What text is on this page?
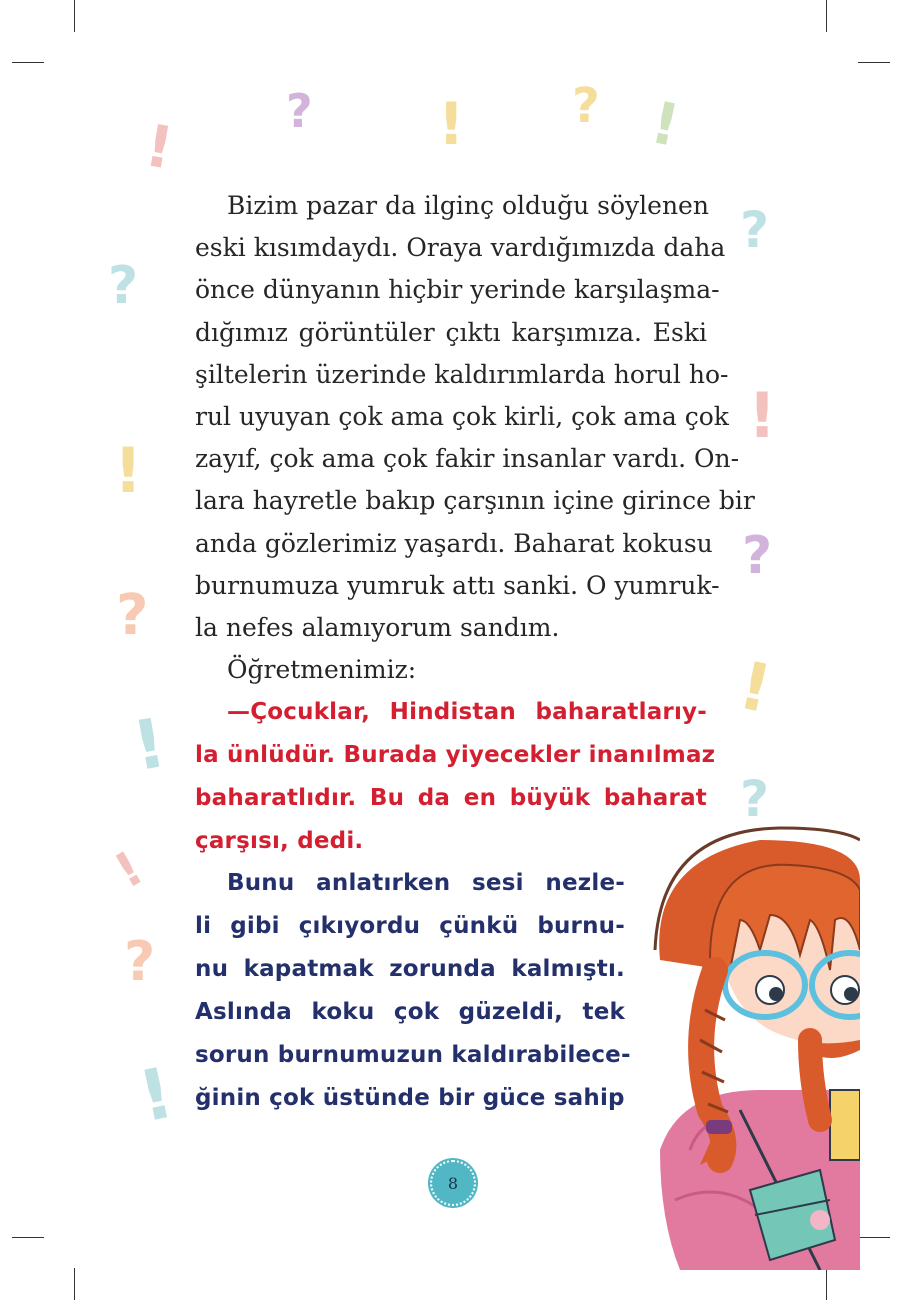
? ! ? !
!
?
?
!
!
?
?
!
!
?
!
?
!
Bizim pazar da ilginç olduğu söylenen
eski kısımdaydı. Oraya vardığımızda daha
önce dünyanın hiçbir yerinde karşılaşma-
dığımız görüntüler çıktı karşımıza. Eski
şiltelerin üzerinde kaldırımlarda horul ho-
rul uyuyan çok ama çok kirli, çok ama çok
zayıf, çok ama çok fakir insanlar vardı. On-
lara hayretle bakıp çarşının içine girince bir
anda gözlerimiz yaşardı. Baharat kokusu
burnumuza yumruk attı sanki. O yumruk-
la nefes alamıyorum sandım.
Öğretmenimiz:
—Çocuklar, Hindistan baharatlarıy-
la ünlüdür. Burada yiyecekler inanılmaz
baharatlıdır. Bu da en büyük baharat
çarşısı, dedi.
Bunu anlatırken sesi nezle-
li gibi çıkıyordu çünkü burnu-
nu kapatmak zorunda kalmıştı.
Aslında koku çok güzeldi, tek
sorun burnumuzun kaldırabilece-
ğinin çok üstünde bir güce sahip
8
